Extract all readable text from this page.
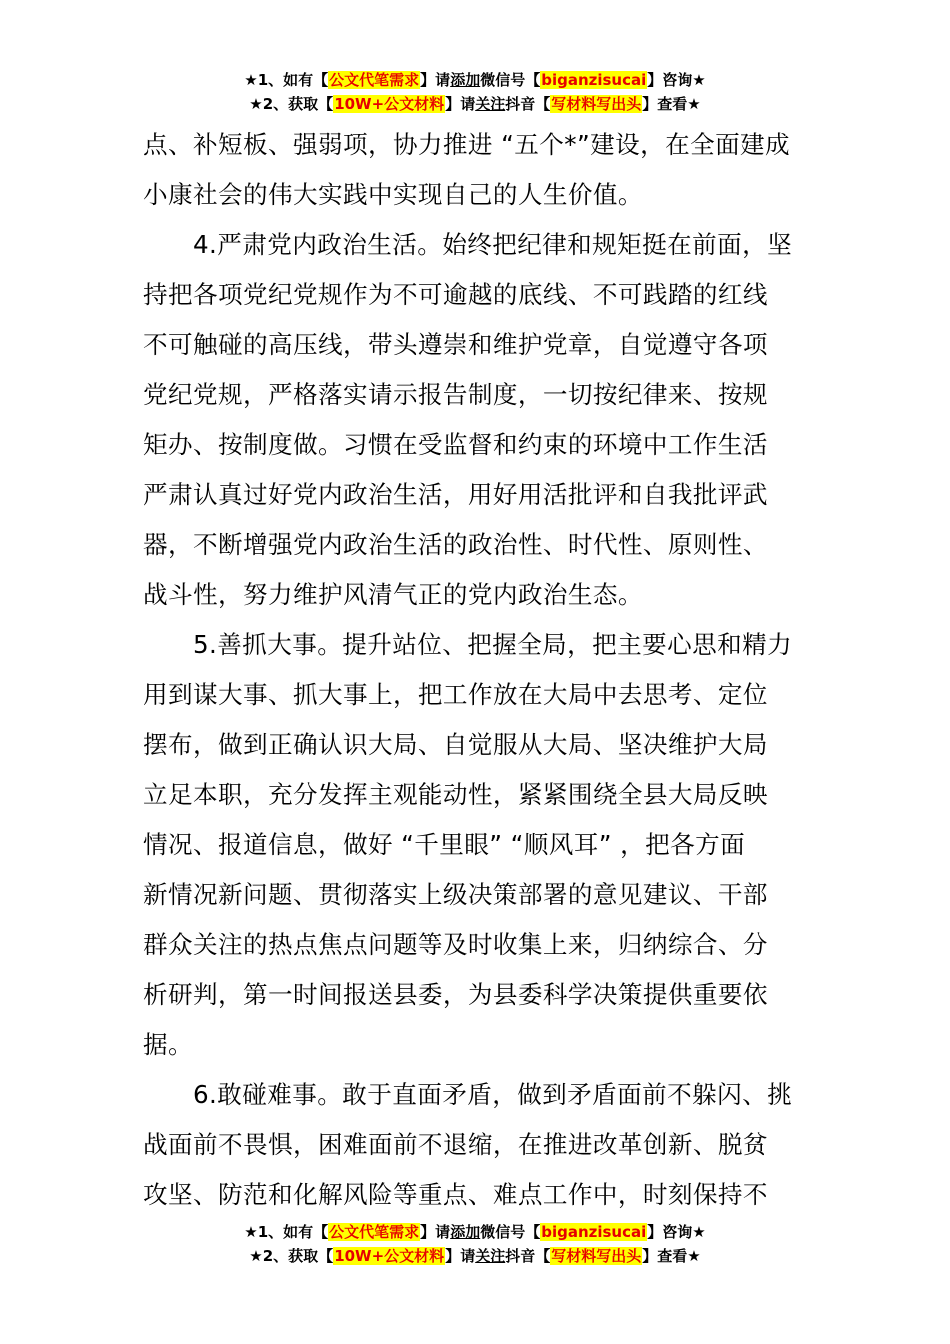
★1、如有【公文代笔需求】请添加微信号【biganzisucai】咨询★
★2、获取【10W+公文材料】请关注抖音【写材料写出头】查看★
点、补短板、强弱项，协力推进 “五个*”建设，在全面建成
小康社会的伟大实践中实现自己的人生价值。
4.严肃党内政治生活。始终把纪律和规矩挺在前面，坚
持把各项党纪党规作为不可逾越的底线、不可践踏的红线
不可触碰的高压线，带头遵崇和维护党章，自觉遵守各项
党纪党规，严格落实请示报告制度，一切按纪律来、按规
矩办、按制度做。习惯在受监督和约束的环境中工作生活
严肃认真过好党内政治生活，用好用活批评和自我批评武
器，不断增强党内政治生活的政治性、时代性、原则性、
战斗性，努力维护风清气正的党内政治生态。
5.善抓大事。提升站位、把握全局，把主要心思和精力
用到谋大事、抓大事上，把工作放在大局中去思考、定位
摆布，做到正确认识大局、自觉服从大局、坚决维护大局
立足本职，充分发挥主观能动性，紧紧围绕全县大局反映
情况、报道信息，做好 “千里眼” “顺风耳” ，把各方面
新情况新问题、贯彻落实上级决策部署的意见建议、干部
群众关注的热点焦点问题等及时收集上来，归纳综合、分
析研判，第一时间报送县委，为县委科学决策提供重要依
据。
6.敢碰难事。敢于直面矛盾，做到矛盾面前不躲闪、挑
战面前不畏惧，困难面前不退缩，在推进改革创新、脱贫
攻坚、防范和化解风险等重点、难点工作中，时刻保持不
★1、如有【公文代笔需求】请添加微信号【biganzisucai】咨询★
★2、获取【10W+公文材料】请关注抖音【写材料写出头】查看★
